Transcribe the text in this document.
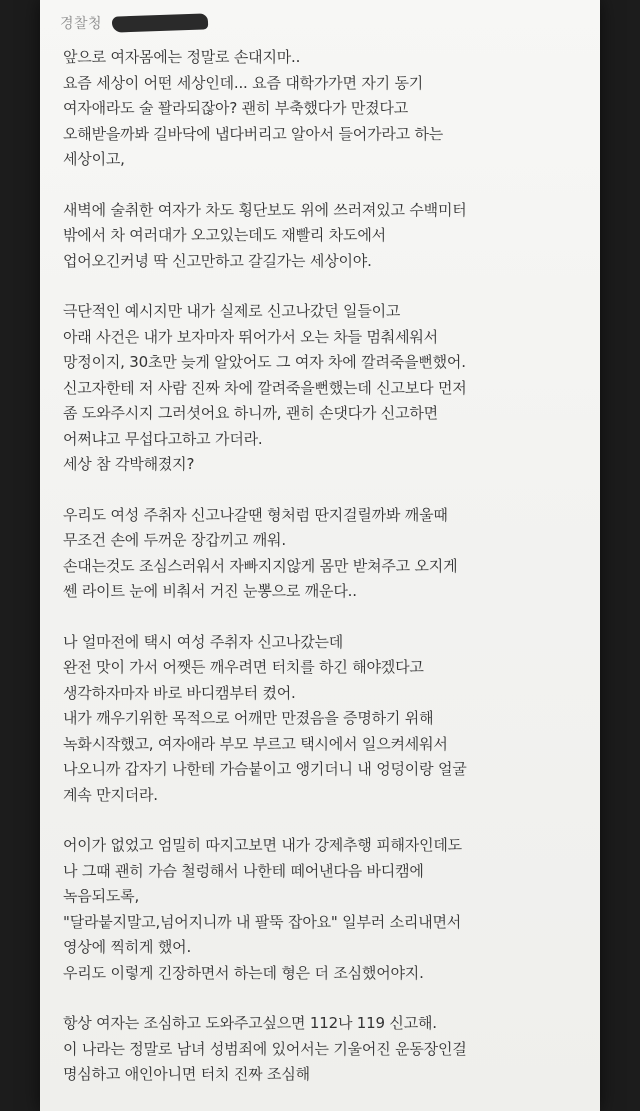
경찰청
앞으로 여자몸에는 정말로 손대지마..
요즘 세상이 어떤 세상인데... 요즘 대학가가면 자기 동기
여자애라도 술 꽐라되잖아? 괜히 부축했다가 만졌다고
오해받을까봐 길바닥에 냅다버리고 알아서 들어가라고 하는
세상이고,
새벽에 술취한 여자가 차도 횡단보도 위에 쓰러져있고 수백미터
밖에서 차 여러대가 오고있는데도 재빨리 차도에서
업어오긴커녕 딱 신고만하고 갈길가는 세상이야.
극단적인 예시지만 내가 실제로 신고나갔던 일들이고
아래 사건은 내가 보자마자 뛰어가서 오는 차들 멈춰세워서
망정이지, 30초만 늦게 알았어도 그 여자 차에 깔려죽을뻔했어.
신고자한테 저 사람 진짜 차에 깔려죽을뻔했는데 신고보다 먼저
좀 도와주시지 그러셧어요 하니까, 괜히 손댓다가 신고하면
어쩌냐고 무섭다고하고 가더라.
세상 참 각박해졌지?
우리도 여성 주취자 신고나갈땐 형처럼 딴지걸릴까봐 깨울때
무조건 손에 두꺼운 장갑끼고 깨워.
손대는것도 조심스러워서 자빠지지않게 몸만 받쳐주고 오지게
쎈 라이트 눈에 비춰서 거진 눈뽕으로 깨운다..
나 얼마전에 택시 여성 주취자 신고나갔는데
완전 맛이 가서 어쨋든 깨우려면 터치를 하긴 해야겠다고
생각하자마자 바로 바디캠부터 켰어.
내가 깨우기위한 목적으로 어깨만 만졌음을 증명하기 위해
녹화시작했고, 여자애라 부모 부르고 택시에서 일으켜세워서
나오니까 갑자기 나한테 가슴붙이고 앵기더니 내 엉덩이랑 얼굴
계속 만지더라.
어이가 없었고 엄밀히 따지고보면 내가 강제추행 피해자인데도
나 그때 괜히 가슴 철렁해서 나한테 떼어낸다음 바디캠에
녹음되도록,
"달라붙지말고,넘어지니까 내 팔뚝 잡아요" 일부러 소리내면서
영상에 찍히게 했어.
우리도 이렇게 긴장하면서 하는데 형은 더 조심했어야지.
항상 여자는 조심하고 도와주고싶으면 112나 119 신고해.
이 나라는 정말로 남녀 성범죄에 있어서는 기울어진 운동장인걸
명심하고 애인아니면 터치 진짜 조심해
